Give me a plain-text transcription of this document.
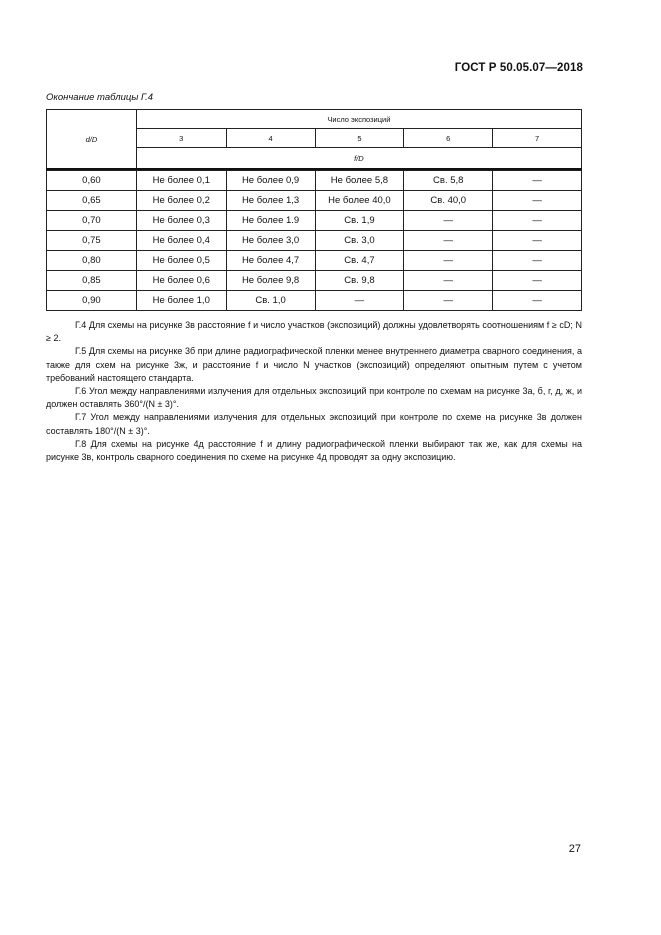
ГОСТ Р 50.05.07—2018
Окончание таблицы Г.4
d/D	Число экспозиций				
	3	4	5	6	7
	f/D				

0,60	Не более 0,1	Не более 0,9	Не более 5,8	Св. 5,8	—
0,65	Не более 0,2	Не более 1,3	Не более 40,0	Св. 40,0	—
0,70	Не более 0,3	Не более 1.9	Св. 1,9	—	—
0,75	Не более 0,4	Не более 3,0	Св. 3,0	—	—
0,80	Не более 0,5	Не более 4,7	Св. 4,7	—	—
0,85	Не более 0,6	Не более 9,8	Св. 9,8	—	—
0,90	Не более 1,0	Св. 1,0	—	—	—

Г.4 Для схемы на рисунке 3в расстояние f и число участков (экспозиций) должны удовлетворять соотношениям f ≥ cD; N ≥ 2.

Г.5 Для схемы на рисунке 3б при длине радиографической пленки менее внутреннего диаметра сварного соединения, а также для схем на рисунке 3ж, и расстояние f и число N участков (экспозиций) определяют опытным путем с учетом требований настоящего стандарта.

Г.6 Угол между направлениями излучения для отдельных экспозиций при контроле по схемам на рисунке 3а, б, г, д, ж, и должен оставлять 360°/(N ± 3)°.

Г.7 Угол между направлениями излучения для отдельных экспозиций при контроле по схеме на рисунке 3в должен составлять 180°/(N ± 3)°.

Г.8 Для схемы на рисунке 4д расстояние f и длину радиографической пленки выбирают так же, как для схемы на рисунке 3в, контроль сварного соединения по схеме на рисунке 4д проводят за одну экспозицию.

27
